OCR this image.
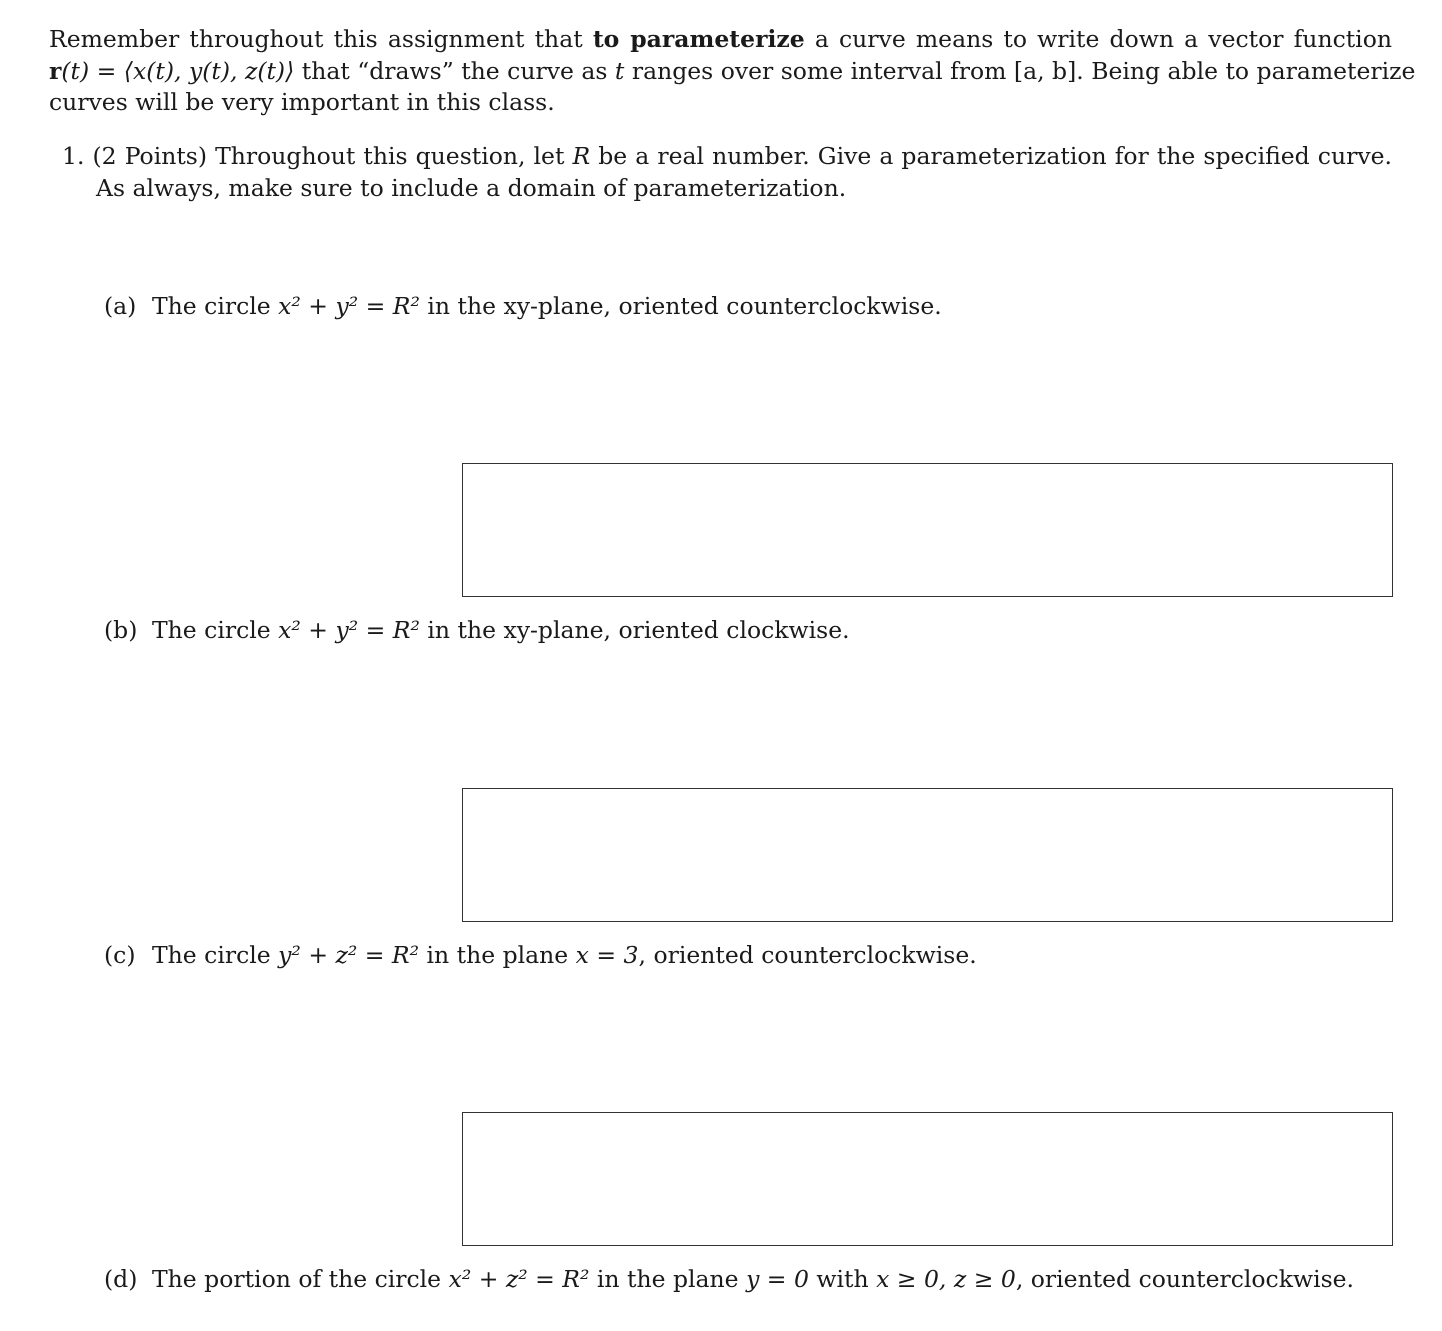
Remember throughout this assignment that to parameterize a curve means to write down a vector function
r(t) = ⟨x(t), y(t), z(t)⟩ that “draws” the curve as t ranges over some interval from [a, b]. Being able to parameterize
curves will be very important in this class.
1. (2 Points) Throughout this question, let R be a real number. Give a parameterization for the specified curve.
As always, make sure to include a domain of parameterization.
(a) The circle x² + y² = R² in the xy-plane, oriented counterclockwise.
(b) The circle x² + y² = R² in the xy-plane, oriented clockwise.
(c) The circle y² + z² = R² in the plane x = 3, oriented counterclockwise.
(d) The portion of the circle x² + z² = R² in the plane y = 0 with x ≥ 0, z ≥ 0, oriented counterclockwise.
